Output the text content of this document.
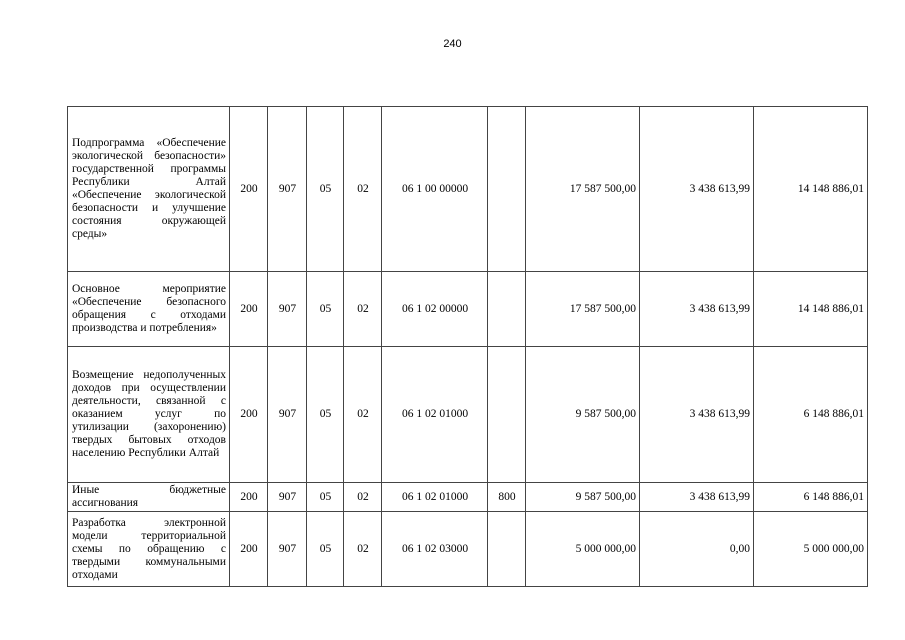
240
Подпрограмма «Обеспечение экологической безопасности» государственной программы Республики Алтай «Обеспечение экологической безопасности и улучшение состояния окружающей среды»	200	907	05	02	06 1 00 00000		17 587 500,00	3 438 613,99	14 148 886,01
Основное мероприятие «Обеспечение безопасного обращения с отходами производства и потребления»	200	907	05	02	06 1 02 00000		17 587 500,00	3 438 613,99	14 148 886,01
Возмещение недополученных доходов при осуществлении деятельности, связанной с оказанием услуг по утилизации (захоронению) твердых бытовых отходов населению Республики Алтай	200	907	05	02	06 1 02 01000		9 587 500,00	3 438 613,99	6 148 886,01
Иные бюджетные ассигнования	200	907	05	02	06 1 02 01000	800	9 587 500,00	3 438 613,99	6 148 886,01
Разработка электронной модели территориальной схемы по обращению с твердыми коммунальными отходами	200	907	05	02	06 1 02 03000		5 000 000,00	0,00	5 000 000,00
